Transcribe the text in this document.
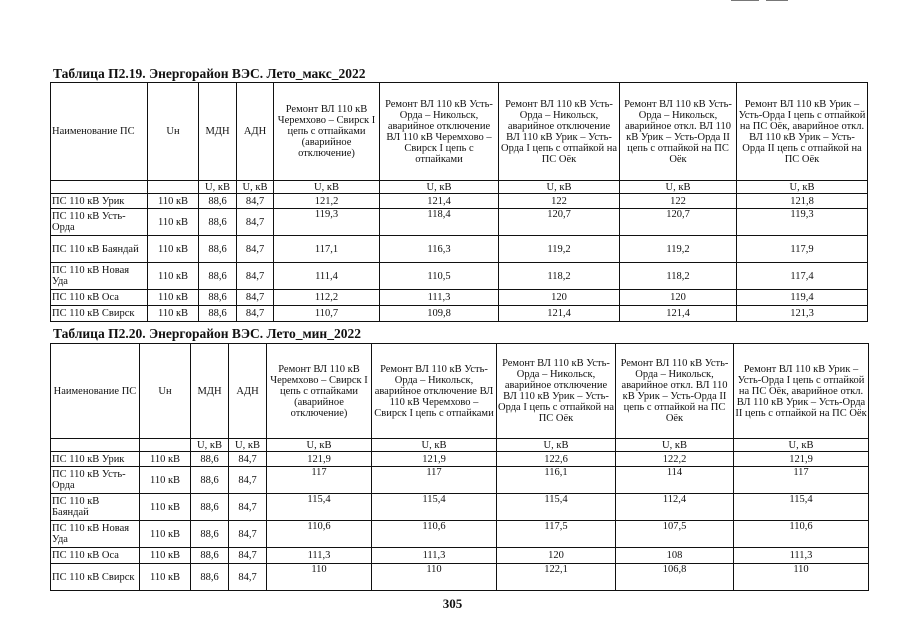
Таблица П2.19. Энергорайон ВЭС. Лето_макс_2022
Наименование ПС	Uн	МДН	АДН	Ремонт ВЛ 110 кВ Черемхово – Свирск I цепь с отпайками (аварийное отключение)	Ремонт ВЛ 110 кВ Усть-Орда – Никольск, аварийное отключение ВЛ 110 кВ Черемхово – Свирск I цепь с отпайками	Ремонт ВЛ 110 кВ Усть-Орда – Никольск, аварийное отключение ВЛ 110 кВ Урик – Усть-Орда I цепь с отпайкой на ПС Оёк	Ремонт ВЛ 110 кВ Усть-Орда – Никольск, аварийное откл. ВЛ 110 кВ Урик – Усть-Орда II цепь с отпайкой на ПС Оёк	Ремонт ВЛ 110 кВ Урик – Усть-Орда I цепь с отпайкой на ПС Оёк, аварийное откл. ВЛ 110 кВ Урик – Усть-Орда II цепь с отпайкой на ПС Оёк
		U, кВ	U, кВ	U, кВ	U, кВ	U, кВ	U, кВ	U, кВ
ПС 110 кВ Урик	110 кВ	88,6	84,7	121,2	121,4	122	122	121,8
ПС 110 кВ Усть-Орда	110 кВ	88,6	84,7	119,3	118,4	120,7	120,7	119,3
ПС 110 кВ Баяндай	110 кВ	88,6	84,7	117,1	116,3	119,2	119,2	117,9
ПС 110 кВ Новая Уда	110 кВ	88,6	84,7	111,4	110,5	118,2	118,2	117,4
ПС 110 кВ Оса	110 кВ	88,6	84,7	112,2	111,3	120	120	119,4
ПС 110 кВ Свирск	110 кВ	88,6	84,7	110,7	109,8	121,4	121,4	121,3
Таблица П2.20. Энергорайон ВЭС. Лето_мин_2022
Наименование ПС	Uн	МДН	АДН	Ремонт ВЛ 110 кВ Черемхово – Свирск I цепь с отпайками (аварийное отключение)	Ремонт ВЛ 110 кВ Усть-Орда – Никольск, аварийное отключение ВЛ 110 кВ Черемхово – Свирск I цепь с отпайками	Ремонт ВЛ 110 кВ Усть-Орда – Никольск, аварийное отключение ВЛ 110 кВ Урик – Усть-Орда I цепь с отпайкой на ПС Оёк	Ремонт ВЛ 110 кВ Усть-Орда – Никольск, аварийное откл. ВЛ 110 кВ Урик – Усть-Орда II цепь с отпайкой на ПС Оёк	Ремонт ВЛ 110 кВ Урик – Усть-Орда I цепь с отпайкой на ПС Оёк, аварийное откл. ВЛ 110 кВ Урик – Усть-Орда II цепь с отпайкой на ПС Оёк
		U, кВ	U, кВ	U, кВ	U, кВ	U, кВ	U, кВ	U, кВ
ПС 110 кВ Урик	110 кВ	88,6	84,7	121,9	121,9	122,6	122,2	121,9
ПС 110 кВ Усть-Орда	110 кВ	88,6	84,7	117	117	116,1	114	117
ПС 110 кВ Баяндай	110 кВ	88,6	84,7	115,4	115,4	115,4	112,4	115,4
ПС 110 кВ Новая Уда	110 кВ	88,6	84,7	110,6	110,6	117,5	107,5	110,6
ПС 110 кВ Оса	110 кВ	88,6	84,7	111,3	111,3	120	108	111,3
ПС 110 кВ Свирск	110 кВ	88,6	84,7	110	110	122,1	106,8	110
305
